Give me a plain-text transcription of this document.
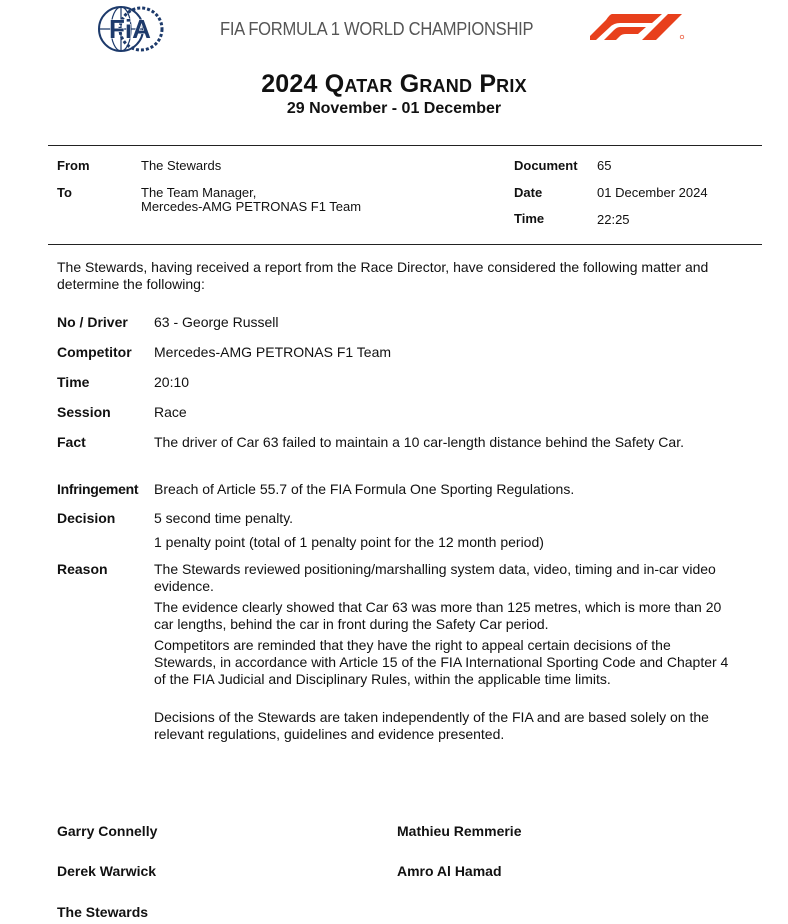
FiA	FIA FORMULA 1 WORLD CHAMPIONSHIP
2024 Qatar Grand Prix
29 November - 01 December
From	The Stewards
To	The Team Manager,
Mercedes-AMG PETRONAS F1 Team
Document 65
Date	01 December 2024
Time	22:25
The Stewards, having received a report from the Race Director, have considered the following matter and determine the following:
No / Driver 63 - George Russell
Competitor Mercedes-AMG PETRONAS F1 Team
Time	20:10
Session	Race
Fact	The driver of Car 63 failed to maintain a 10 car-length distance behind the Safety Car.
Infringement Breach of Article 55.7 of the FIA Formula One Sporting Regulations.
Decision	5 second time penalty.

1 penalty point (total of 1 penalty point for the 12 month period)

Reason	The Stewards reviewed positioning/marshalling system data, video, timing and in-car video evidence.

The evidence clearly showed that Car 63 was more than 125 metres, which is more than 20 car lengths, behind the car in front during the Safety Car period.

Competitors are reminded that they have the right to appeal certain decisions of the Stewards, in accordance with Article 15 of the FIA International Sporting Code and Chapter 4 of the FIA Judicial and Disciplinary Rules, within the applicable time limits.

Decisions of the Stewards are taken independently of the FIA and are based solely on the relevant regulations, guidelines and evidence presented.

Garry Connelly	Mathieu Remmerie
Derek Warwick	Amro Al Hamad
The Stewards
